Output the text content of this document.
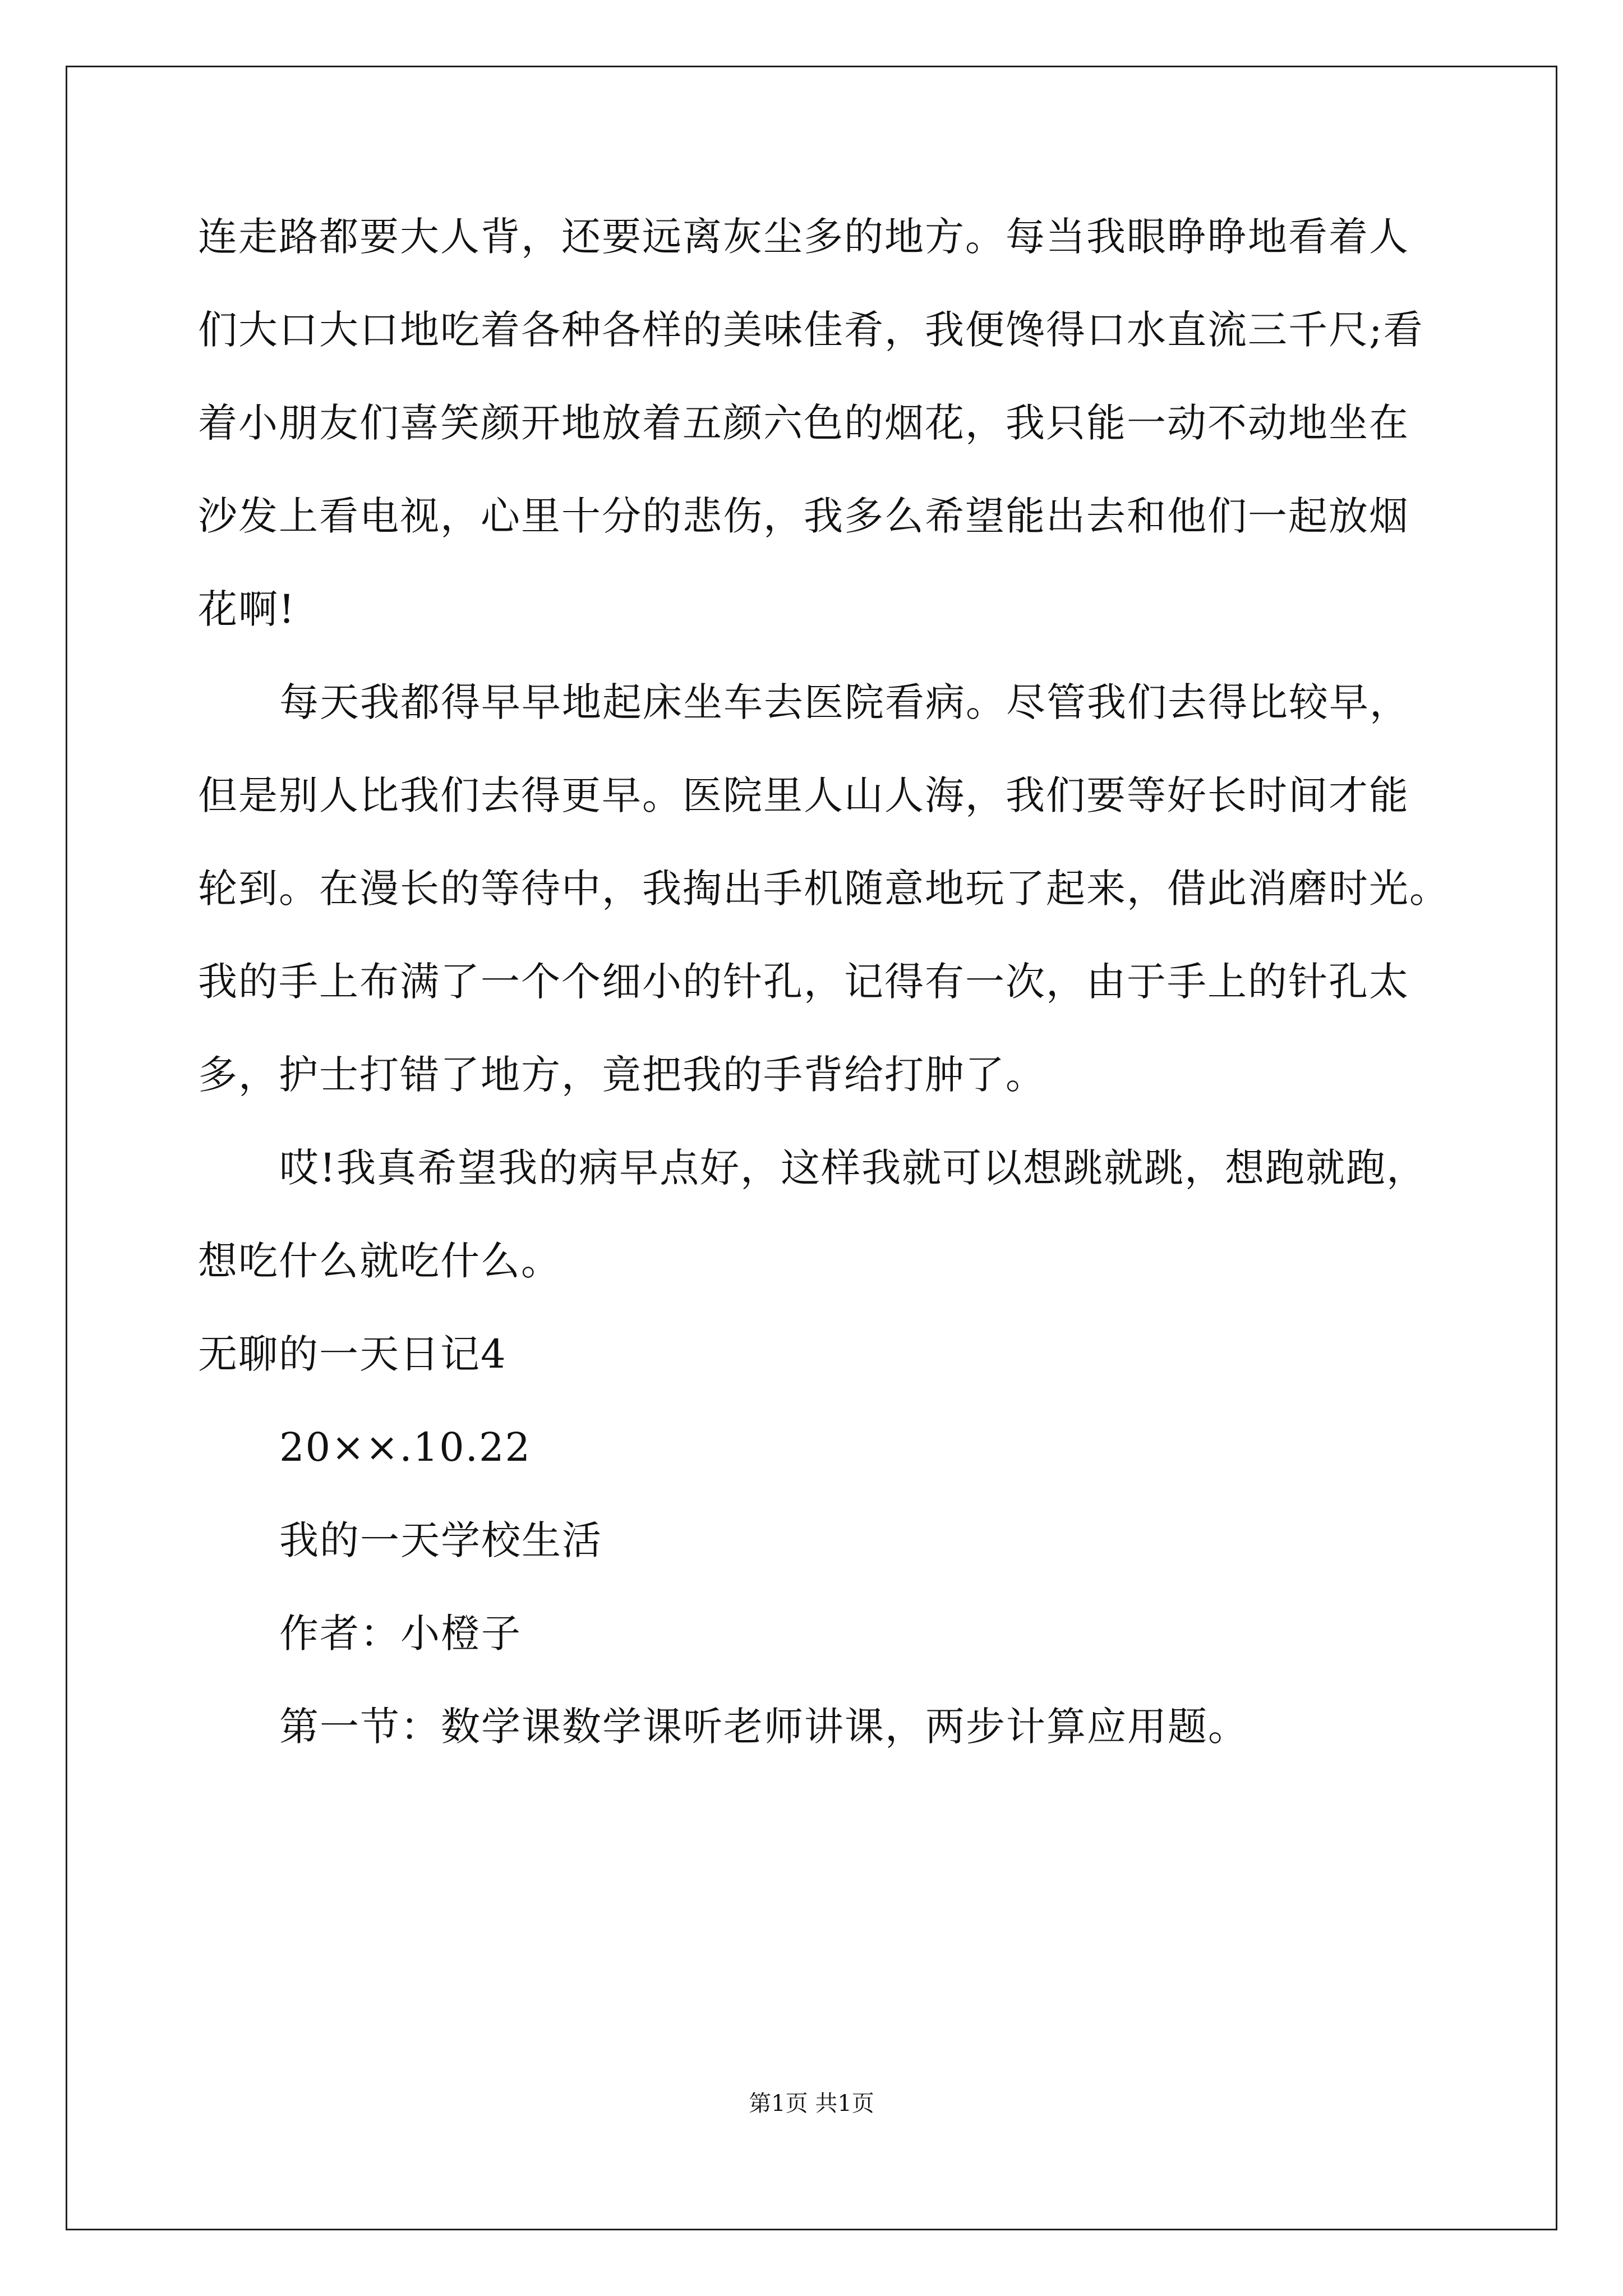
连走路都要大人背，还要远离灰尘多的地方。每当我眼睁睁地看着人
们大口大口地吃着各种各样的美味佳肴，我便馋得口水直流三千尺;看
着小朋友们喜笑颜开地放着五颜六色的烟花，我只能一动不动地坐在
沙发上看电视，心里十分的悲伤，我多么希望能出去和他们一起放烟
花啊!
每天我都得早早地起床坐车去医院看病。尽管我们去得比较早，
但是别人比我们去得更早。医院里人山人海，我们要等好长时间才能
轮到。在漫长的等待中，我掏出手机随意地玩了起来，借此消磨时光。
我的手上布满了一个个细小的针孔，记得有一次，由于手上的针孔太
多，护士打错了地方，竟把我的手背给打肿了。
哎!我真希望我的病早点好，这样我就可以想跳就跳，想跑就跑，
想吃什么就吃什么。
无聊的一天日记4
20××.10.22
我的一天学校生活
作者：小橙子
第一节：数学课数学课听老师讲课，两步计算应用题。
第1页 共1页
